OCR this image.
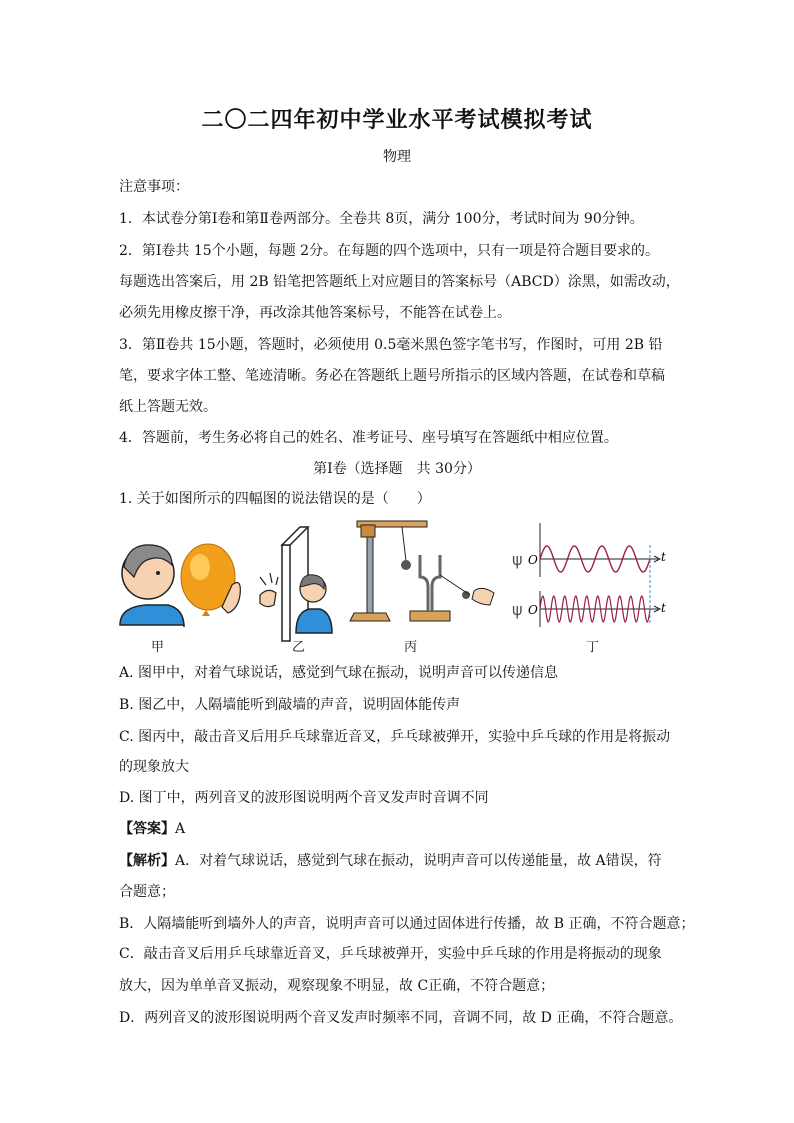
二〇二四年初中学业水平考试模拟考试
物理
注意事项：
1．本试卷分第Ⅰ卷和第Ⅱ卷两部分。全卷共 8页，满分 100分，考试时间为 90分钟。
2．第Ⅰ卷共 15个小题，每题 2分。在每题的四个选项中，只有一项是符合题目要求的。
每题选出答案后，用 2B 铅笔把答题纸上对应题目的答案标号（ABCD）涂黑，如需改动，
必须先用橡皮擦干净，再改涂其他答案标号，不能答在试卷上。
3．第Ⅱ卷共 15小题，答题时，必须使用 0.5毫米黑色签字笔书写，作图时，可用 2B 铅
笔，要求字体工整、笔迹清晰。务必在答题纸上题号所指示的区域内答题，在试卷和草稿
纸上答题无效。
4．答题前，考生务必将自己的姓名、准考证号、座号填写在答题纸中相应位置。
第Ⅰ卷（选择题　共 30分）
1. 关于如图所示的四幅图的说法错误的是（　　）
ψ
ψ
O
O
t
t
甲	乙	丙	丁
A. 图甲中，对着气球说话，感觉到气球在振动，说明声音可以传递信息
B. 图乙中，人隔墙能听到敲墙的声音，说明固体能传声
C. 图丙中，敲击音叉后用乒乓球靠近音叉，乒乓球被弹开，实验中乒乓球的作用是将振动
的现象放大
D. 图丁中，两列音叉的波形图说明两个音叉发声时音调不同
【答案】A
【解析】A．对着气球说话，感觉到气球在振动，说明声音可以传递能量，故 A错误，符
合题意；
B．人隔墙能听到墙外人的声音，说明声音可以通过固体进行传播，故 B 正确，不符合题意；
C．敲击音叉后用乒乓球靠近音叉，乒乓球被弹开，实验中乒乓球的作用是将振动的现象
放大，因为单单音叉振动，观察现象不明显，故 C正确，不符合题意；
D．两列音叉的波形图说明两个音叉发声时频率不同，音调不同，故 D 正确，不符合题意。
